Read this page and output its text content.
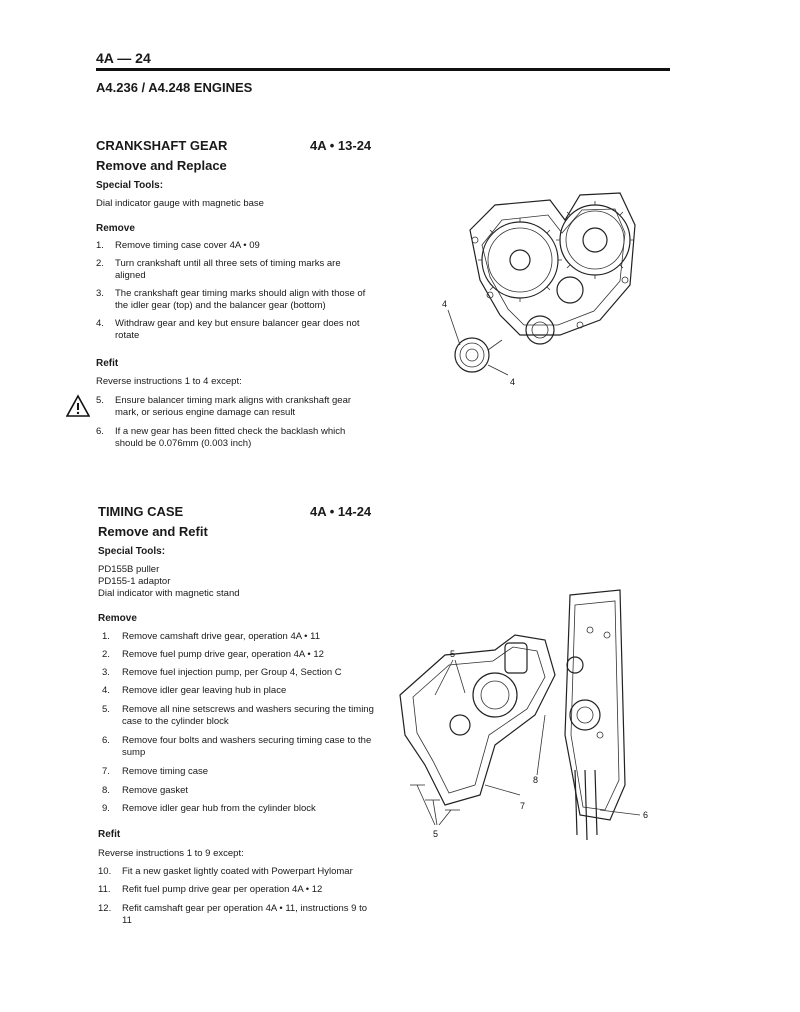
4A — 24
A4.236 / A4.248 ENGINES
CRANKSHAFT GEAR	4A • 13-24
Remove and Replace
Special Tools:
Dial indicator gauge with magnetic base
Remove
1. Remove timing case cover 4A • 09
2. Turn crankshaft until all three sets of timing marks are aligned
3. The crankshaft gear timing marks should align with those of the idler gear (top) and the balancer gear (bottom)
4. Withdraw gear and key but ensure balancer gear does not rotate
Refit
Reverse instructions 1 to 4 except:
5. Ensure balancer timing mark aligns with crankshaft gear mark, or serious engine damage can result
6. If a new gear has been fitted check the backlash which should be 0.076mm (0.003 inch)
4
4
TIMING CASE	4A • 14-24
Remove and Refit
Special Tools:
PD155B puller
PD155-1 adaptor
Dial indicator with magnetic stand
Remove
1. Remove camshaft drive gear, operation 4A • 11
2. Remove fuel pump drive gear, operation 4A • 12
3. Remove fuel injection pump, per Group 4, Section C
4. Remove idler gear leaving hub in place
5. Remove all nine setscrews and washers securing the timing case to the cylinder block
6. Remove four bolts and washers securing timing case to the sump
7. Remove timing case
8. Remove gasket
9. Remove idler gear hub from the cylinder block
Refit
Reverse instructions 1 to 9 except:
10. Fit a new gasket lightly coated with Powerpart Hylomar
11. Refit fuel pump drive gear per operation 4A • 12
12. Refit camshaft gear per operation 4A • 11, instructions 9 to 11
5
5
6
7
8
